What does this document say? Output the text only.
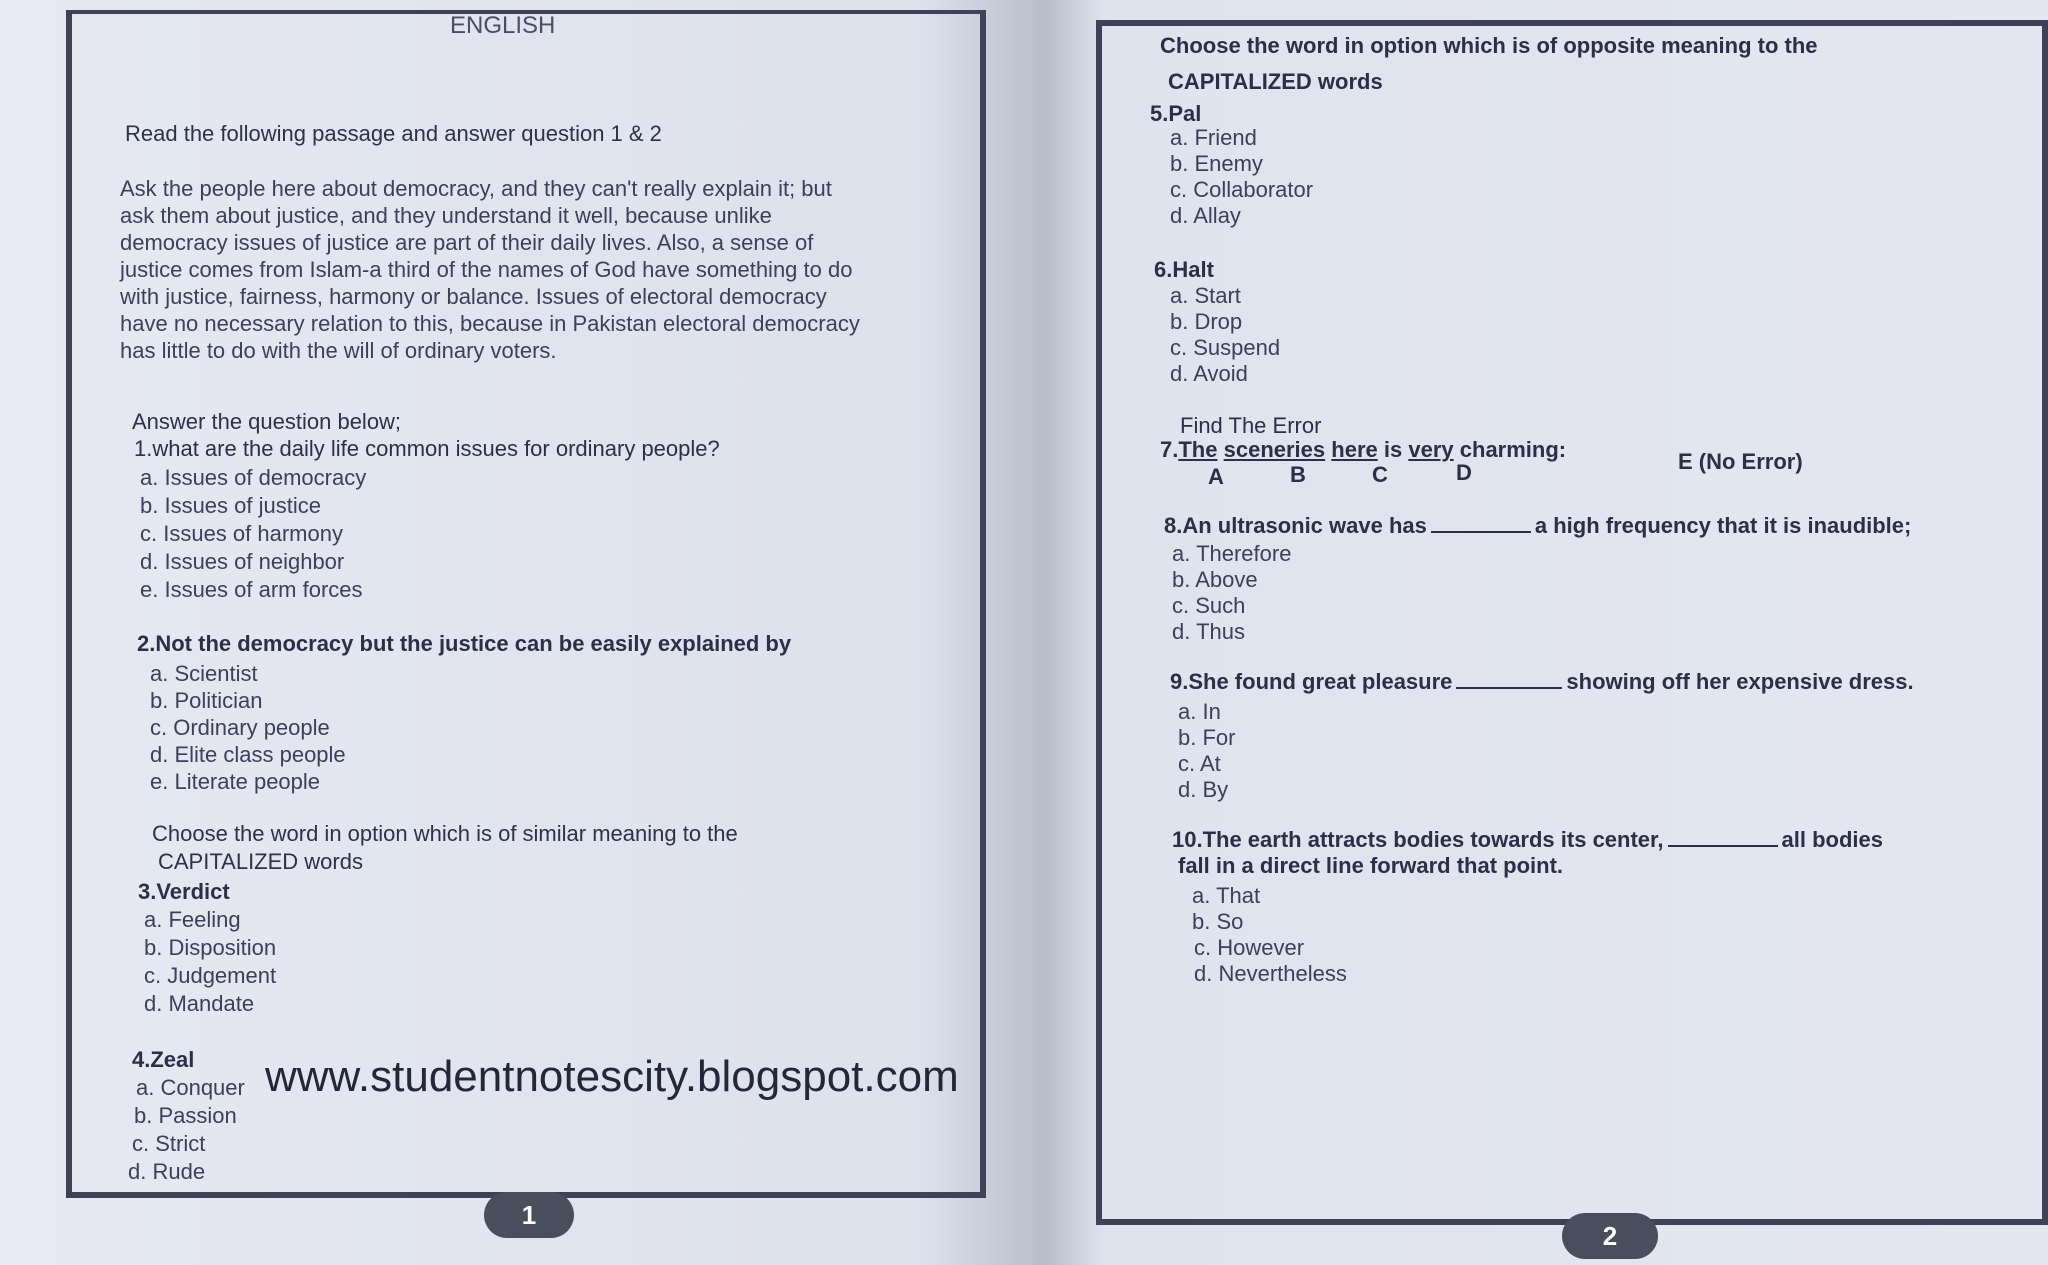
ENGLISH
Read the following passage and answer question 1 & 2
Ask the people here about democracy, and they can't really explain it; but
ask them about justice, and they understand it well, because unlike
democracy issues of justice are part of their daily lives. Also, a sense of
justice comes from Islam-a third of the names of God have something to do
with justice, fairness, harmony or balance. Issues of electoral democracy
have no necessary relation to this, because in Pakistan electoral democracy
has little to do with the will of ordinary voters.
Answer the question below;
1.what are the daily life common issues for ordinary people?
a. Issues of democracy
b. Issues of justice
c. Issues of harmony
d. Issues of neighbor
e. Issues of arm forces
2.Not the democracy but the justice can be easily explained by
a. Scientist
b. Politician
c. Ordinary people
d. Elite class people
e. Literate people
Choose the word in option which is of similar meaning to the
CAPITALIZED words
3.Verdict
a. Feeling
b. Disposition
c. Judgement
d. Mandate
4.Zeal
a. Conquer
b. Passion
c. Strict
d. Rude
1
www.studentnotescity.blogspot.com
Choose the word in option which is of opposite meaning to the
CAPITALIZED words
5.Pal
a. Friend
b. Enemy
c. Collaborator
d. Allay
6.Halt
a. Start
b. Drop
c. Suspend
d. Avoid
Find The Error
7.The sceneries here is very charming:
A	B	C	D	E (No Error)
8.An ultrasonic wave has	a high frequency that it is inaudible;
a. Therefore
b. Above
c. Such
d. Thus
9.She found great pleasure	showing off her expensive dress.
a. In
b. For
c. At
d. By
10.The earth attracts bodies towards its center,	all bodies
fall in a direct line forward that point.
a. That
b. So
c. However
d. Nevertheless
2
